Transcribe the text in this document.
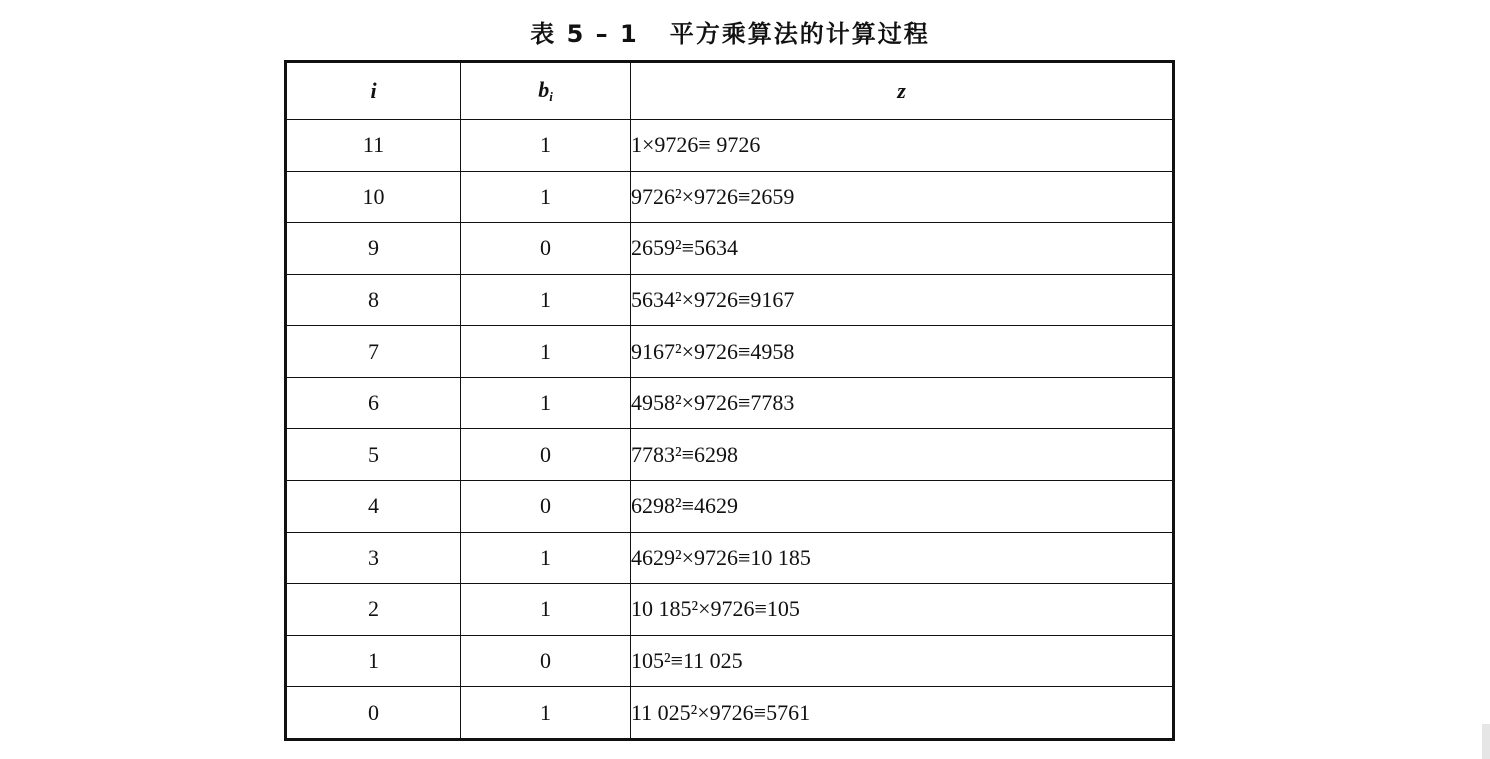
表 5 – 1   平方乘算法的计算过程
i	$b_i$	z
11	1	1×9726≡ 9726
10	1	9726²×9726≡2659
9	0	2659²≡5634
8	1	5634²×9726≡9167
7	1	9167²×9726≡4958
6	1	4958²×9726≡7783
5	0	7783²≡6298
4	0	6298²≡4629
3	1	4629²×9726≡10 185
2	1	10 185²×9726≡105
1	0	105²≡11 025
0	1	11 025²×9726≡5761
